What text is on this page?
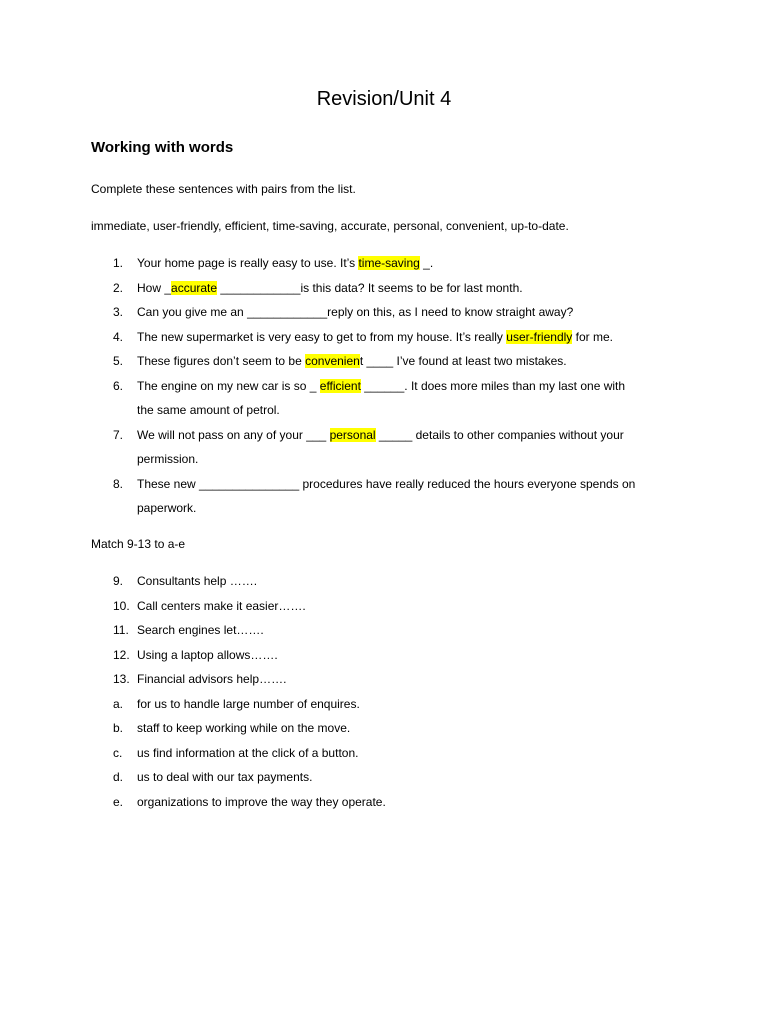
Revision/Unit 4
Working with words
Complete these sentences with pairs from the list.
immediate, user-friendly, efficient, time-saving, accurate, personal, convenient, up-to-date.
1.	Your home page is really easy to use. It’s time-saving _.
2.	How _accurate ____________is this data? It seems to be for last month.
3.	Can you give me an ____________reply on this, as I need to know straight away?
4.	The new supermarket is very easy to get to from my house. It’s really user-friendly for me.
5.	These figures don’t seem to be convenient ____ I’ve found at least two mistakes.
6.	The engine on my new car is so _ efficient ______. It does more miles than my last one with
the same amount of petrol.
7.	We will not pass on any of your ___ personal _____ details to other companies without your
permission.
8.	These new _______________ procedures have really reduced the hours everyone spends on
paperwork.
Match 9-13 to a-e
9.	Consultants help …….
10. Call centers make it easier…….
11. Search engines let…….
12. Using a laptop allows…….
13. Financial advisors help…….
a.	for us to handle large number of enquires.
b.	staff to keep working while on the move.
c.	us find information at the click of a button.
d.	us to deal with our tax payments.
e.	organizations to improve the way they operate.
